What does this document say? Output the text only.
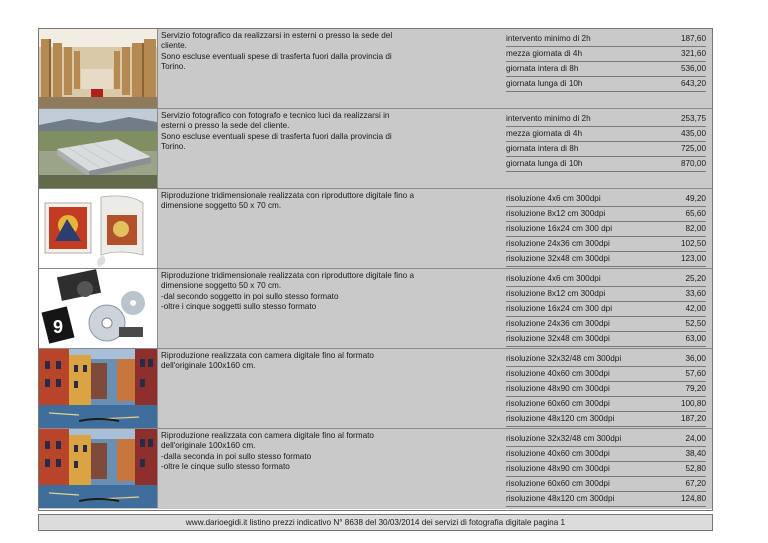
Servizio fotografico da realizzarsi in esterni o presso la sede del
cliente.
Sono escluse eventuali spese di trasferta fuori dalla provincia di
Torino.
intervento minimo di 2h	187,60
mezza giornata di 4h	321,60
giornata intera di 8h	536,00
giornata lunga di 10h	643,20
Servizio fotografico con fotografo e tecnico luci da realizzarsi in
esterni o presso la sede del cliente.
Sono escluse eventuali spese di trasferta fuori dalla provincia di
Torino.
intervento minimo di 2h	253,75
mezza giornata di 4h	435,00
giornata intera di 8h	725,00
giornata lunga di 10h	870,00
Riproduzione tridimensionale realizzata con riproduttore digitale fino a
dimensione soggetto 50 x 70 cm.
risoluzione 4x6 cm 300dpi	49,20
risoluzione 8x12 cm 300dpi	65,60
risoluzione 16x24 cm 300 dpi	82,00
risoluzione 24x36 cm 300dpi	102,50
risoluzione 32x48 cm 300dpi	123,00
9
Riproduzione tridimensionale realizzata con riproduttore digitale fino a
dimensione soggetto 50 x 70 cm.
-dal secondo soggetto in poi sullo stesso formato
-oltre i cinque soggetti sullo stesso formato
risoluzione 4x6 cm 300dpi	25,20
risoluzione 8x12 cm 300dpi	33,60
risoluzione 16x24 cm 300 dpi	42,00
risoluzione 24x36 cm 300dpi	52,50
risoluzione 32x48 cm 300dpi	63,00
Riproduzione realizzata con camera digitale fino al formato
dell'originale 100x160 cm.
risoluzione 32x32/48 cm 300dpi	36,00
risoluzione 40x60 cm 300dpi	57,60
risoluzione 48x90 cm 300dpi	79,20
risoluzione 60x60 cm 300dpi	100,80
risoluzione 48x120 cm 300dpi	187,20
Riproduzione realizzata con camera digitale fino al formato
dell'originale 100x160 cm.
-dalla seconda in poi sullo stesso formato
-oltre le cinque sullo stesso formato
risoluzione 32x32/48 cm 300dpi	24,00
risoluzione 40x60 cm 300dpi	38,40
risoluzione 48x90 cm 300dpi	52,80
risoluzione 60x60 cm 300dpi	67,20
risoluzione 48x120 cm 300dpi	124,80
www.darioegidi.it listino prezzi indicativo N° 8638 del 30/03/2014 dei servizi di fotografia digitale pagina 1
